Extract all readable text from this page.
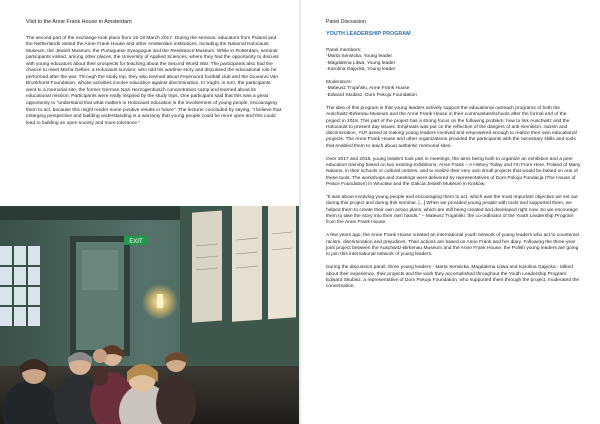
Visit to the Anne Frank House in Amsterdam

The second part of the exchange took place from 15-19 March 2017. During the seminar, educators from Poland and the Netherlands visited the Anne Frank House and other Amsterdam institutions, including the National Holocaust Museum, the Jewish Museum, the Portuguese Synagogue and the Resistance Museum. While in Rotterdam, seminar participants visited, among other places, the University of Applied Sciences, where they had the opportunity to discuss with young educators about their prospects for teaching about the Second World War. The participants also had the chance to meet Micha Gelber, a Holocaust survivor, who told his wartime story and discussed the educational role he performed after the war. Through the study trip, they also learned about Feyenoord football club and the Giovanni Van Bronkhorst Foundation, whose activities involve education against discrimination. In Vught, in turn, the participants went to a memorial site, the former German Nazi Herzogenbusch concentration camp and learned about its educational mission. Participants were really inspired by the study trips. One participant said that this was a great opportunity to "understand that what matters in Holocaust education is the involvement of young people, encouraging them to act, because this might render some positive results in future". The lecturer concluded by saying, "I believe that enlarging perspective and building understanding is a warranty that young people could be more open and this could lead to building an open society and more tolerance."

EXIT

Panel Discussion

YOUTH LEADERSHIP PROGRAM

Panel members:
-Marta Serwicka, Young leader
-Magdalena Litwa, Young leader
-Karolina Gajęcka, Young leader
Moderators:
-Mateusz Trojański, Anne Frank House
-Edward Skubisz, Dom Pokoju Foundation

The idea of this program is that young leaders actively support the educational outreach programs of both the Auschwitz-Birkenau Museum and the Anne Frank House in their communities/schools after the formal end of the project in 2018. This part of the project has a strong focus on the following problem: how to link Auschwitz and the Holocaust to present day issues. Emphasis was put on the reflection of the dangers of anti-Semitism, racism and discrimination. YLP aimed at making young leaders involved and empowered enough to realize their own educational projects. The Anne Frank House and other organizations provided the participants with the necessary skills and tools that enabled them to teach about authentic memorial sites.

Over 2017 and 2018, young leaders took part in meetings, the aims being both to organize an exhibition and a peer education training based on two existing exhibitions: Anne Frank – A History Today and I'm From Here, Poland of Many Nations, in their schools or cultural centres, and to realize their very own small projects that would be based on one of these tools. The workshops and meetings were delivered by representatives of Dom Pokoju Fundacja (The House of Peace Foundation) in Wrocław and the Galicia Jewish Museum in Kraków.

"It was about involving young people and encouraging them to act, which was the most important objective we set out during this project and during this seminar. [...] When we provided young people with tools and supported them, we helped them to create their own action plans, which are still being created and developed right now. So we encourage them to take the story into their own hands." – Mateusz Trojański, the co-ordinator of the Youth Leadership Program from the Anne Frank House.

A few years ago, the Anne Frank House created an international youth network of young leaders who act to counteract racism, discrimination and prejudices. Their actions are based on Anne Frank and her diary. Following the three-year joint project between the Auschwitz-Birkenau Museum and the Anne Frank House, the Polish young leaders are going to join this international network of young leaders.

During the discussion panel, three young leaders - Marta Serwicka, Magdalena Litwa and Karolina Gajęcka - talked about their experience, their projects and the work they accomplished throughout the Youth Leadership Program. Edward Skubisz, a representative of Dom Pokoju Foundation, who supported them through the project, moderated the conversation.
